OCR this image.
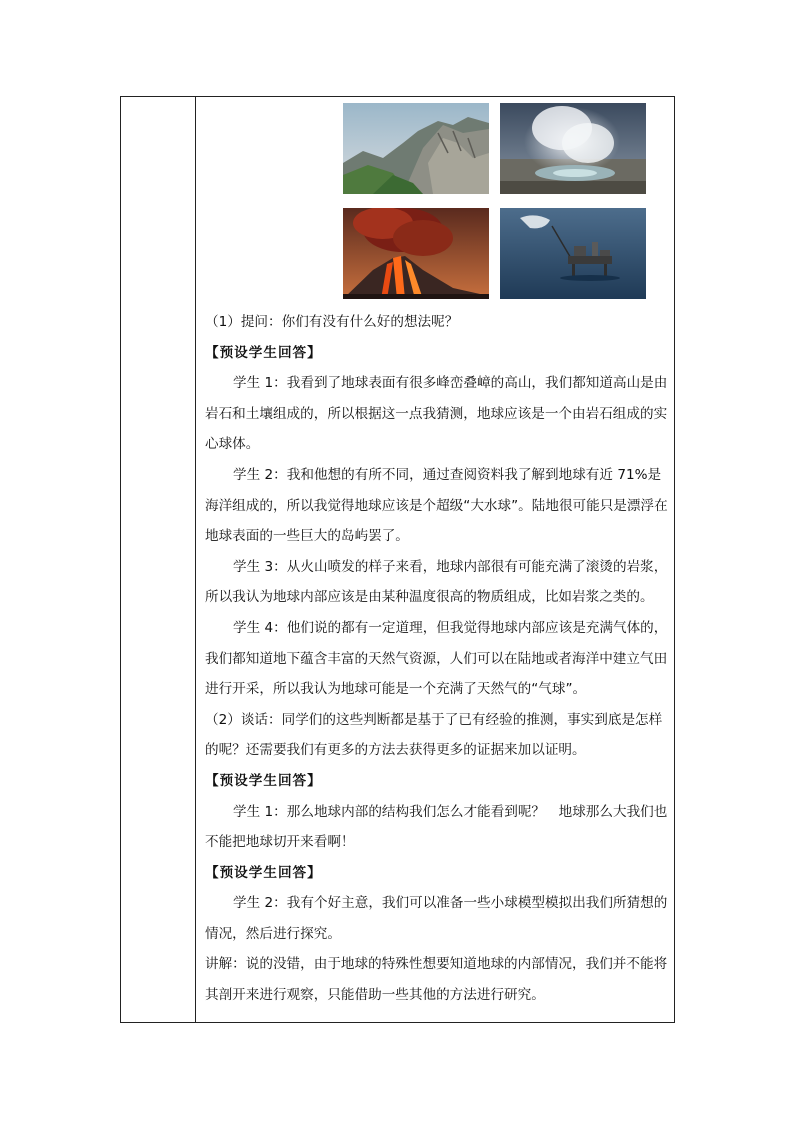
（1）提问：你们有没有什么好的想法呢？

【预设学生回答】

学生 1：我看到了地球表面有很多峰峦叠嶂的高山，我们都知道高山是由岩石和土壤组成的，所以根据这一点我猜测，地球应该是一个由岩石组成的实心球体。

学生 2：我和他想的有所不同，通过查阅资料我了解到地球有近 71%是海洋组成的，所以我觉得地球应该是个超级“大水球”。陆地很可能只是漂浮在地球表面的一些巨大的岛屿罢了。

学生 3：从火山喷发的样子来看，地球内部很有可能充满了滚烫的岩浆，所以我认为地球内部应该是由某种温度很高的物质组成，比如岩浆之类的。

学生 4：他们说的都有一定道理，但我觉得地球内部应该是充满气体的，我们都知道地下蕴含丰富的天然气资源，人们可以在陆地或者海洋中建立气田进行开采，所以我认为地球可能是一个充满了天然气的“气球”。

（2）谈话：同学们的这些判断都是基于了已有经验的推测，事实到底是怎样的呢？还需要我们有更多的方法去获得更多的证据来加以证明。

【预设学生回答】

学生 1：那么地球内部的结构我们怎么才能看到呢？　地球那么大我们也不能把地球切开来看啊！

【预设学生回答】

学生 2：我有个好主意，我们可以准备一些小球模型模拟出我们所猜想的情况，然后进行探究。

讲解：说的没错，由于地球的特殊性想要知道地球的内部情况，我们并不能将其剖开来进行观察，只能借助一些其他的方法进行研究。
